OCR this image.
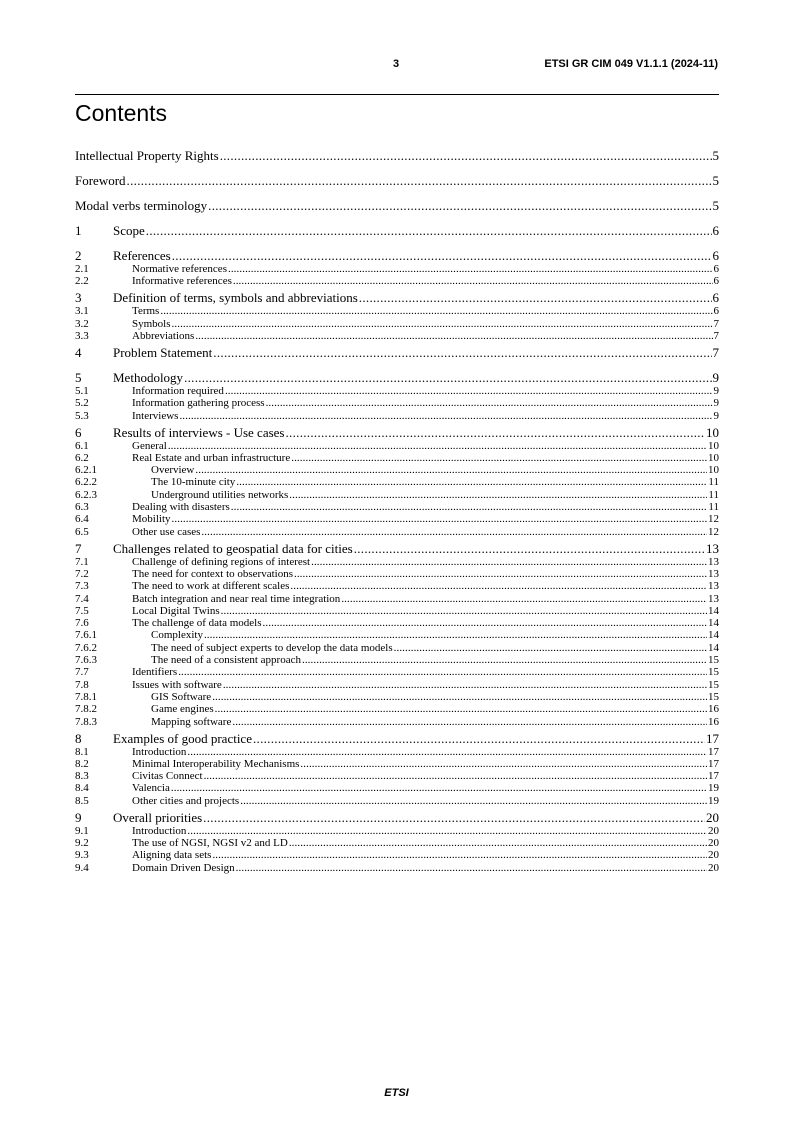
3	ETSI GR CIM 049 V1.1.1 (2024-11)
Contents
Intellectual Property Rights .....	5
Foreword .....	5
Modal verbs terminology .....	5
1	Scope .....	6
2	References .....	6
2.1	Normative references .....	6
2.2	Informative references .....	6
3	Definition of terms, symbols and abbreviations .....	6
3.1	Terms .....	6
3.2	Symbols .....	7
3.3	Abbreviations .....	7
4	Problem Statement .....	7
5	Methodology .....	9
5.1	Information required .....	9
5.2	Information gathering process .....	9
5.3	Interviews .....	9
6	Results of interviews - Use cases .....	10
6.1	General .....	10
6.2	Real Estate and urban infrastructure .....	10
6.2.1	Overview .....	10
6.2.2	The 10-minute city .....	11
6.2.3	Underground utilities networks .....	11
6.3	Dealing with disasters .....	11
6.4	Mobility .....	12
6.5	Other use cases .....	12
7	Challenges related to geospatial data for cities .....	13
7.1	Challenge of defining regions of interest .....	13
7.2	The need for context to observations .....	13
7.3	The need to work at different scales .....	13
7.4	Batch integration and near real time integration .....	13
7.5	Local Digital Twins .....	14
7.6	The challenge of data models .....	14
7.6.1	Complexity .....	14
7.6.2	The need of subject experts to develop the data models .....	14
7.6.3	The need of a consistent approach .....	15
7.7	Identifiers .....	15
7.8	Issues with software .....	15
7.8.1	GIS Software .....	15
7.8.2	Game engines .....	16
7.8.3	Mapping software .....	16
8	Examples of good practice .....	17
8.1	Introduction .....	17
8.2	Minimal Interoperability Mechanisms .....	17
8.3	Civitas Connect .....	17
8.4	Valencia .....	19
8.5	Other cities and projects .....	19
9	Overall priorities .....	20
9.1	Introduction .....	20
9.2	The use of NGSI, NGSI v2 and LD .....	20
9.3	Aligning data sets .....	20
9.4	Domain Driven Design .....	20
ETSI
